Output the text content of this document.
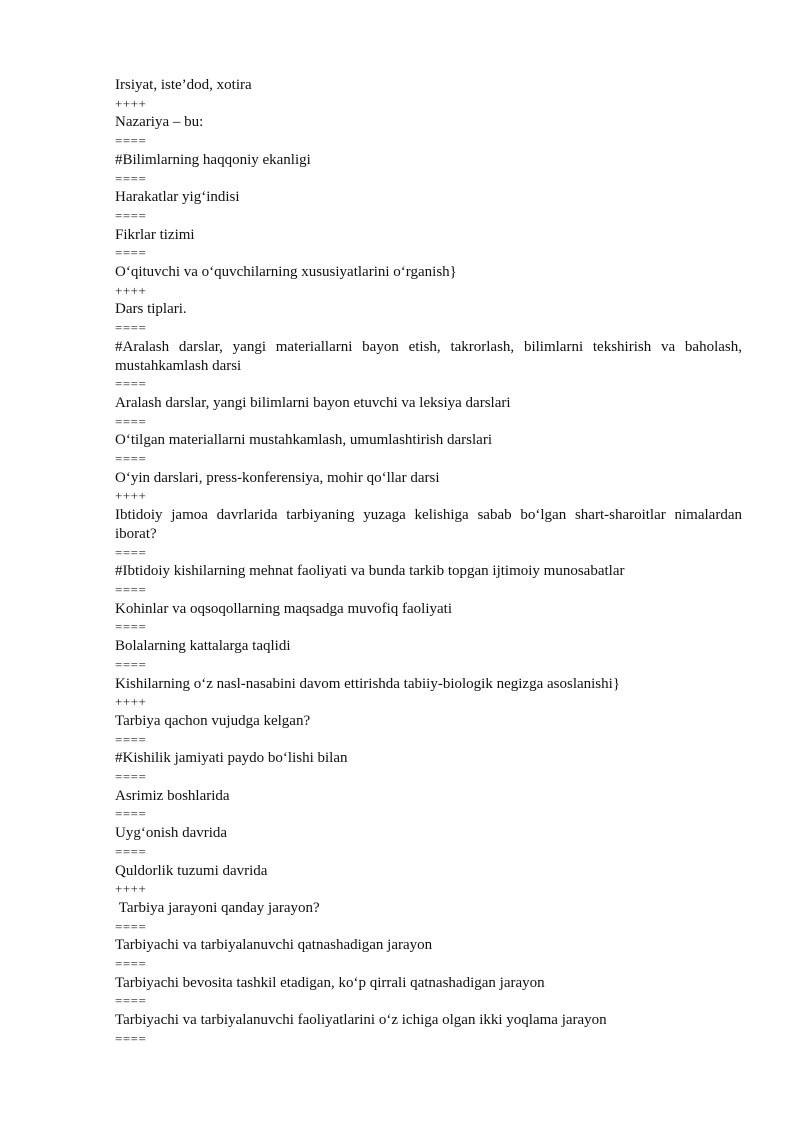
Irsiyat, iste’dod, xotira

++++

Nazariya – bu:

====

#Bilimlarning haqqoniy ekanligi

====

Harakatlar yig‘indisi

====

Fikrlar tizimi

====

O‘qituvchi va o‘quvchilarning xususiyatlarini o‘rganish}

++++

Dars tiplari.

====

#Aralash darslar, yangi materiallarni bayon etish, takrorlash, bilimlarni tekshirish va baholash, mustahkamlash darsi

====

Aralash darslar, yangi bilimlarni bayon etuvchi va leksiya darslari

====

O‘tilgan materiallarni mustahkamlash, umumlashtirish darslari

====

O‘yin darslari, press-konferensiya, mohir qo‘llar darsi

++++

Ibtidoiy jamoa davrlarida tarbiyaning yuzaga kelishiga sabab bo‘lgan shart-sharoitlar nimalardan iborat?

====

#Ibtidoiy kishilarning mehnat faoliyati va bunda tarkib topgan ijtimoiy munosabatlar

====

Kohinlar va oqsoqollarning maqsadga muvofiq faoliyati

====

Bolalarning kattalarga taqlidi

====

Kishilarning o‘z nasl-nasabini davom ettirishda tabiiy-biologik negizga asoslanishi}

++++

Tarbiya qachon vujudga kelgan?

====

#Kishilik jamiyati paydo bo‘lishi bilan

====

Asrimiz boshlarida

====

Uyg‘onish davrida

====

Quldorlik tuzumi davrida

++++

Tarbiya jarayoni qanday jarayon?

====

Tarbiyachi va tarbiyalanuvchi qatnashadigan jarayon

====

Tarbiyachi bevosita tashkil etadigan, ko‘p qirrali qatnashadigan jarayon

====

Tarbiyachi va tarbiyalanuvchi faoliyatlarini o‘z ichiga olgan ikki yoqlama jarayon

====
